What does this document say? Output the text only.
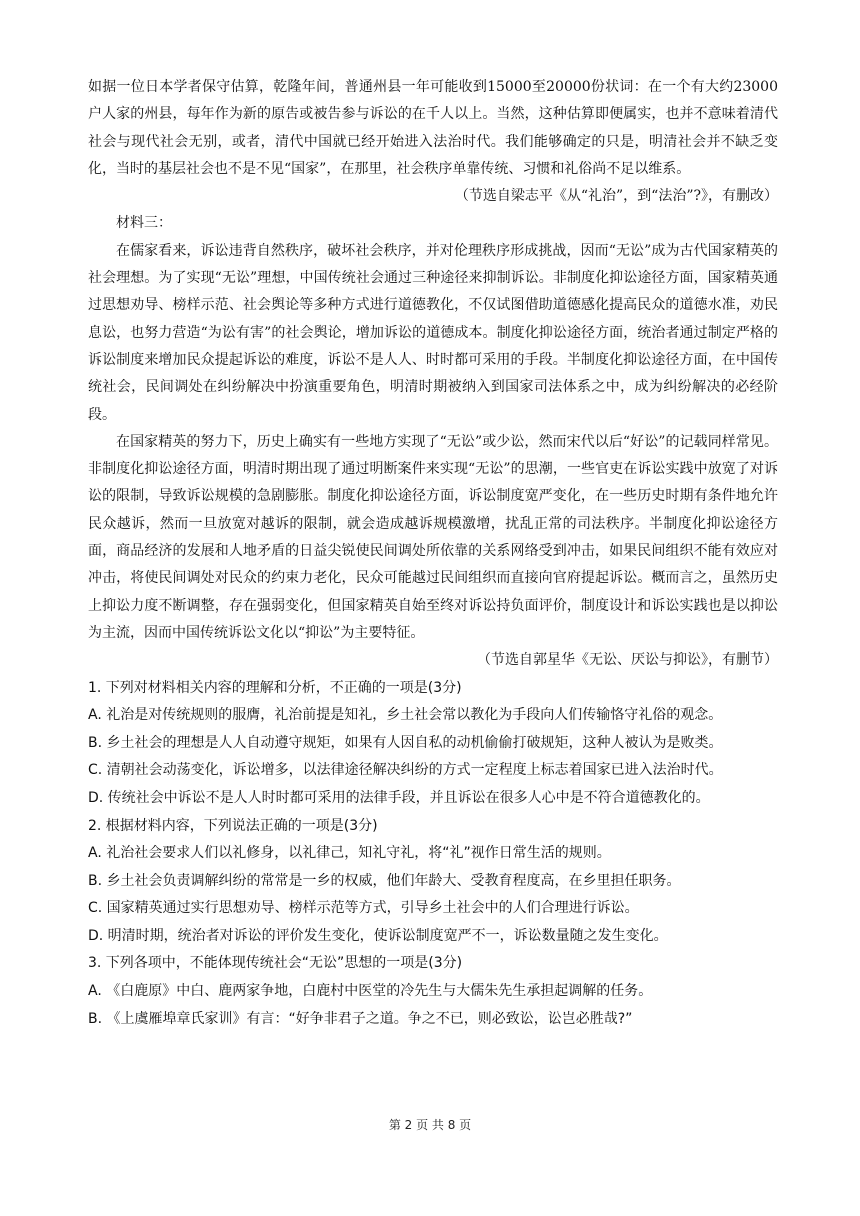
如据一位日本学者保守估算，乾隆年间，普通州县一年可能收到15000至20000份状词：在一个有大约23000户人家的州县，每年作为新的原告或被告参与诉讼的在千人以上。当然，这种估算即便属实，也并不意味着清代社会与现代社会无别，或者，清代中国就已经开始进入法治时代。我们能够确定的只是，明清社会并不缺乏变化，当时的基层社会也不是不见“国家”，在那里，社会秩序单靠传统、习惯和礼俗尚不足以维系。

（节选自梁志平《从“礼治”，到“法治”?》，有删改）

材料三：

在儒家看来，诉讼违背自然秩序，破坏社会秩序，并对伦理秩序形成挑战，因而“无讼”成为古代国家精英的社会理想。为了实现“无讼”理想，中国传统社会通过三种途径来抑制诉讼。非制度化抑讼途径方面，国家精英通过思想劝导、榜样示范、社会舆论等多种方式进行道德教化，不仅试图借助道德感化提高民众的道德水准，劝民息讼，也努力营造“为讼有害”的社会舆论，增加诉讼的道德成本。制度化抑讼途径方面，统治者通过制定严格的诉讼制度来增加民众提起诉讼的难度，诉讼不是人人、时时都可采用的手段。半制度化抑讼途径方面，在中国传统社会，民间调处在纠纷解决中扮演重要角色，明清时期被纳入到国家司法体系之中，成为纠纷解决的必经阶段。

在国家精英的努力下，历史上确实有一些地方实现了“无讼”或少讼，然而宋代以后“好讼”的记载同样常见。非制度化抑讼途径方面，明清时期出现了通过明断案件来实现“无讼”的思潮，一些官吏在诉讼实践中放宽了对诉讼的限制，导致诉讼规模的急剧膨胀。制度化抑讼途径方面，诉讼制度宽严变化，在一些历史时期有条件地允许民众越诉，然而一旦放宽对越诉的限制，就会造成越诉规模激增，扰乱正常的司法秩序。半制度化抑讼途径方面，商品经济的发展和人地矛盾的日益尖锐使民间调处所依靠的关系网络受到冲击，如果民间组织不能有效应对冲击，将使民间调处对民众的约束力老化，民众可能越过民间组织而直接向官府提起诉讼。概而言之，虽然历史上抑讼力度不断调整，存在强弱变化，但国家精英自始至终对诉讼持负面评价，制度设计和诉讼实践也是以抑讼为主流，因而中国传统诉讼文化以“抑讼”为主要特征。

（节选自郭星华《无讼、厌讼与抑讼》，有删节）

1. 下列对材料相关内容的理解和分析，不正确的一项是(3分)

A. 礼治是对传统规则的服膺，礼治前提是知礼，乡土社会常以教化为手段向人们传输恪守礼俗的观念。

B. 乡土社会的理想是人人自动遵守规矩，如果有人因自私的动机偷偷打破规矩，这种人被认为是败类。

C. 清朝社会动荡变化，诉讼增多，以法律途径解决纠纷的方式一定程度上标志着国家已进入法治时代。

D. 传统社会中诉讼不是人人时时都可采用的法律手段，并且诉讼在很多人心中是不符合道德教化的。

2. 根据材料内容，下列说法正确的一项是(3分)

A. 礼治社会要求人们以礼修身，以礼律己，知礼守礼，将“礼”视作日常生活的规则。

B. 乡土社会负责调解纠纷的常常是一乡的权威，他们年龄大、受教育程度高，在乡里担任职务。

C. 国家精英通过实行思想劝导、榜样示范等方式，引导乡土社会中的人们合理进行诉讼。

D. 明清时期，统治者对诉讼的评价发生变化，使诉讼制度宽严不一，诉讼数量随之发生变化。

3. 下列各项中，不能体现传统社会“无讼”思想的一项是(3分)

A. 《白鹿原》中白、鹿两家争地，白鹿村中医堂的冷先生与大儒朱先生承担起调解的任务。

B. 《上虞雁埠章氏家训》有言：“好争非君子之道。争之不已，则必致讼，讼岂必胜哉?”

第 2 页 共 8 页
